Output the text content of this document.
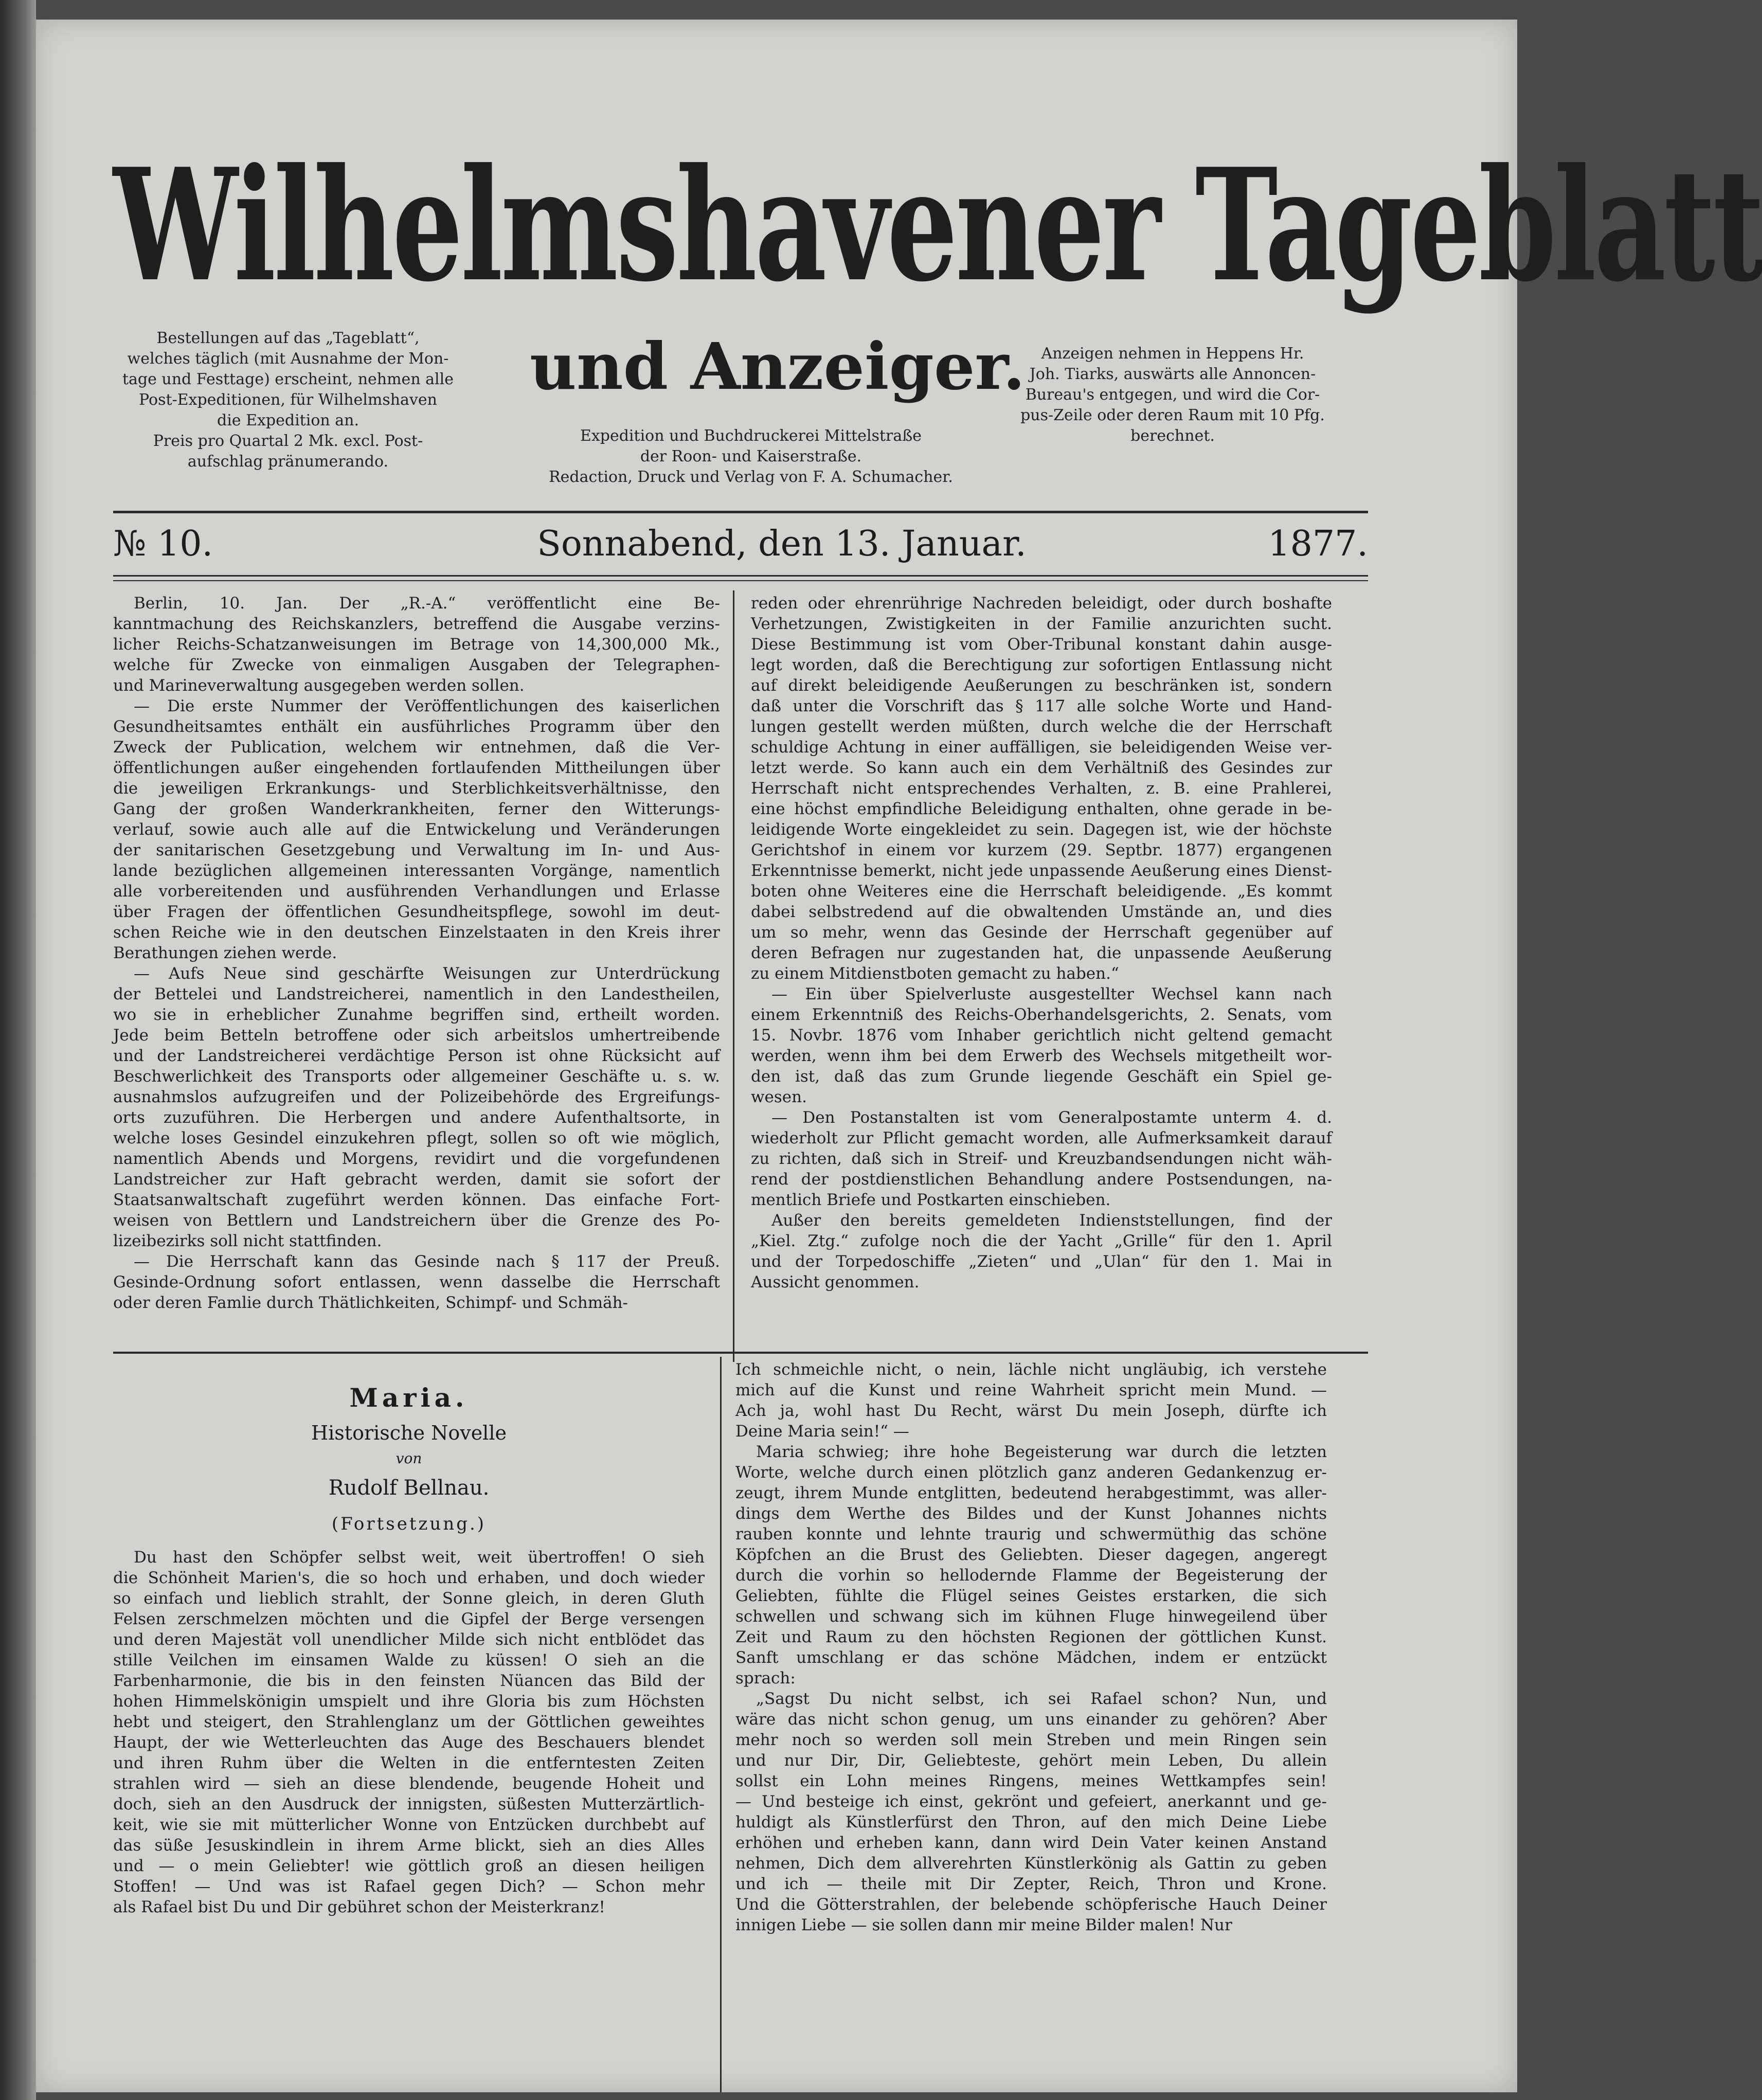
Wilhelmshavener Tageblatt
Bestellungen auf das „Tageblatt“,
welches täglich (mit Ausnahme der Mon-
tage und Festtage) erscheint, nehmen alle
Post-Expeditionen, für Wilhelmshaven
die Expedition an.
Preis pro Quartal 2 Mk. excl. Post-
aufschlag pränumerando.
und Anzeiger.	Anzeigen nehmen in Heppens Hr.
Joh. Tiarks, auswärts alle Annoncen-
Bureau's entgegen, und wird die Cor-
pus-Zeile oder deren Raum mit 10 Pfg.
berechnet.
Expedition und Buchdruckerei Mittelstraße
der Roon- und Kaiserstraße.
Redaction, Druck und Verlag von F. A. Schumacher.
№ 10.	Sonnabend, den 13. Januar.	1877.
Berlin, 10. Jan. Der „R.-A.“ veröffentlicht eine Be-
kanntmachung des Reichskanzlers, betreffend die Ausgabe verzins-
licher Reichs-Schatzanweisungen im Betrage von 14,300,000 Mk.,
welche für Zwecke von einmaligen Ausgaben der Telegraphen-
und Marineverwaltung ausgegeben werden sollen.
— Die erste Nummer der Veröffentlichungen des kaiserlichen
Gesundheitsamtes enthält ein ausführliches Programm über den
Zweck der Publication, welchem wir entnehmen, daß die Ver-
öffentlichungen außer eingehenden fortlaufenden Mittheilungen über
die jeweiligen Erkrankungs- und Sterblichkeitsverhältnisse, den
Gang der großen Wanderkrankheiten, ferner den Witterungs-
verlauf, sowie auch alle auf die Entwickelung und Veränderungen
der sanitarischen Gesetzgebung und Verwaltung im In- und Aus-
lande bezüglichen allgemeinen interessanten Vorgänge, namentlich
alle vorbereitenden und ausführenden Verhandlungen und Erlasse
über Fragen der öffentlichen Gesundheitspflege, sowohl im deut-
schen Reiche wie in den deutschen Einzelstaaten in den Kreis ihrer
Berathungen ziehen werde.
— Aufs Neue sind geschärfte Weisungen zur Unterdrückung
der Bettelei und Landstreicherei, namentlich in den Landestheilen,
wo sie in erheblicher Zunahme begriffen sind, ertheilt worden.
Jede beim Betteln betroffene oder sich arbeitslos umhertreibende
und der Landstreicherei verdächtige Person ist ohne Rücksicht auf
Beschwerlichkeit des Transports oder allgemeiner Geschäfte u. s. w.
ausnahmslos aufzugreifen und der Polizeibehörde des Ergreifungs-
orts zuzuführen. Die Herbergen und andere Aufenthaltsorte, in
welche loses Gesindel einzukehren pflegt, sollen so oft wie möglich,
namentlich Abends und Morgens, revidirt und die vorgefundenen
Landstreicher zur Haft gebracht werden, damit sie sofort der
Staatsanwaltschaft zugeführt werden können. Das einfache Fort-
weisen von Bettlern und Landstreichern über die Grenze des Po-
lizeibezirks soll nicht stattfinden.
— Die Herrschaft kann das Gesinde nach § 117 der Preuß.
Gesinde-Ordnung sofort entlassen, wenn dasselbe die Herrschaft
oder deren Famlie durch Thätlichkeiten, Schimpf- und Schmäh-
reden oder ehrenrührige Nachreden beleidigt, oder durch boshafte
Verhetzungen, Zwistigkeiten in der Familie anzurichten sucht.
Diese Bestimmung ist vom Ober-Tribunal konstant dahin ausge-
legt worden, daß die Berechtigung zur sofortigen Entlassung nicht
auf direkt beleidigende Aeußerungen zu beschränken ist, sondern
daß unter die Vorschrift das § 117 alle solche Worte und Hand-
lungen gestellt werden müßten, durch welche die der Herrschaft
schuldige Achtung in einer auffälligen, sie beleidigenden Weise ver-
letzt werde. So kann auch ein dem Verhältniß des Gesindes zur
Herrschaft nicht entsprechendes Verhalten, z. B. eine Prahlerei,
eine höchst empfindliche Beleidigung enthalten, ohne gerade in be-
leidigende Worte eingekleidet zu sein. Dagegen ist, wie der höchste
Gerichtshof in einem vor kurzem (29. Septbr. 1877) ergangenen
Erkenntnisse bemerkt, nicht jede unpassende Aeußerung eines Dienst-
boten ohne Weiteres eine die Herrschaft beleidigende. „Es kommt
dabei selbstredend auf die obwaltenden Umstände an, und dies
um so mehr, wenn das Gesinde der Herrschaft gegenüber auf
deren Befragen nur zugestanden hat, die unpassende Aeußerung
zu einem Mitdienstboten gemacht zu haben.“
— Ein über Spielverluste ausgestellter Wechsel kann nach
einem Erkenntniß des Reichs-Oberhandelsgerichts, 2. Senats, vom
15. Novbr. 1876 vom Inhaber gerichtlich nicht geltend gemacht
werden, wenn ihm bei dem Erwerb des Wechsels mitgetheilt wor-
den ist, daß das zum Grunde liegende Geschäft ein Spiel ge-
wesen.
— Den Postanstalten ist vom Generalpostamte unterm 4. d.
wiederholt zur Pflicht gemacht worden, alle Aufmerksamkeit darauf
zu richten, daß sich in Streif- und Kreuzbandsendungen nicht wäh-
rend der postdienstlichen Behandlung andere Postsendungen, na-
mentlich Briefe und Postkarten einschieben.
Außer den bereits gemeldeten Indienststellungen, find der
„Kiel. Ztg.“ zufolge noch die der Yacht „Grille“ für den 1. April
und der Torpedoschiffe „Zieten“ und „Ulan“ für den 1. Mai in
Aussicht genommen.
Maria.
Historische Novelle
von
Rudolf Bellnau.
(Fortsetzung.)
Du hast den Schöpfer selbst weit, weit übertroffen! O sieh
die Schönheit Marien's, die so hoch und erhaben, und doch wieder
so einfach und lieblich strahlt, der Sonne gleich, in deren Gluth
Felsen zerschmelzen möchten und die Gipfel der Berge versengen
und deren Majestät voll unendlicher Milde sich nicht entblödet das
stille Veilchen im einsamen Walde zu küssen! O sieh an die
Farbenharmonie, die bis in den feinsten Nüancen das Bild der
hohen Himmelskönigin umspielt und ihre Gloria bis zum Höchsten
hebt und steigert, den Strahlenglanz um der Göttlichen geweihtes
Haupt, der wie Wetterleuchten das Auge des Beschauers blendet
und ihren Ruhm über die Welten in die entferntesten Zeiten
strahlen wird — sieh an diese blendende, beugende Hoheit und
doch, sieh an den Ausdruck der innigsten, süßesten Mutterzärtlich-
keit, wie sie mit mütterlicher Wonne von Entzücken durchbebt auf
das süße Jesuskindlein in ihrem Arme blickt, sieh an dies Alles
und — o mein Geliebter! wie göttlich groß an diesen heiligen
Stoffen! — Und was ist Rafael gegen Dich? — Schon mehr
als Rafael bist Du und Dir gebühret schon der Meisterkranz!
Ich schmeichle nicht, o nein, lächle nicht ungläubig, ich verstehe
mich auf die Kunst und reine Wahrheit spricht mein Mund. —
Ach ja, wohl hast Du Recht, wärst Du mein Joseph, dürfte ich
Deine Maria sein!“ —
Maria schwieg; ihre hohe Begeisterung war durch die letzten
Worte, welche durch einen plötzlich ganz anderen Gedankenzug er-
zeugt, ihrem Munde entglitten, bedeutend herabgestimmt, was aller-
dings dem Werthe des Bildes und der Kunst Johannes nichts
rauben konnte und lehnte traurig und schwermüthig das schöne
Köpfchen an die Brust des Geliebten. Dieser dagegen, angeregt
durch die vorhin so hellodernde Flamme der Begeisterung der
Geliebten, fühlte die Flügel seines Geistes erstarken, die sich
schwellen und schwang sich im kühnen Fluge hinwegeilend über
Zeit und Raum zu den höchsten Regionen der göttlichen Kunst.
Sanft umschlang er das schöne Mädchen, indem er entzückt
sprach:
„Sagst Du nicht selbst, ich sei Rafael schon? Nun, und
wäre das nicht schon genug, um uns einander zu gehören? Aber
mehr noch so werden soll mein Streben und mein Ringen sein
und nur Dir, Dir, Geliebteste, gehört mein Leben, Du allein
sollst ein Lohn meines Ringens, meines Wettkampfes sein!
— Und besteige ich einst, gekrönt und gefeiert, anerkannt und ge-
huldigt als Künstlerfürst den Thron, auf den mich Deine Liebe
erhöhen und erheben kann, dann wird Dein Vater keinen Anstand
nehmen, Dich dem allverehrten Künstlerkönig als Gattin zu geben
und ich — theile mit Dir Zepter, Reich, Thron und Krone.
Und die Götterstrahlen, der belebende schöpferische Hauch Deiner
innigen Liebe — sie sollen dann mir meine Bilder malen! Nur
